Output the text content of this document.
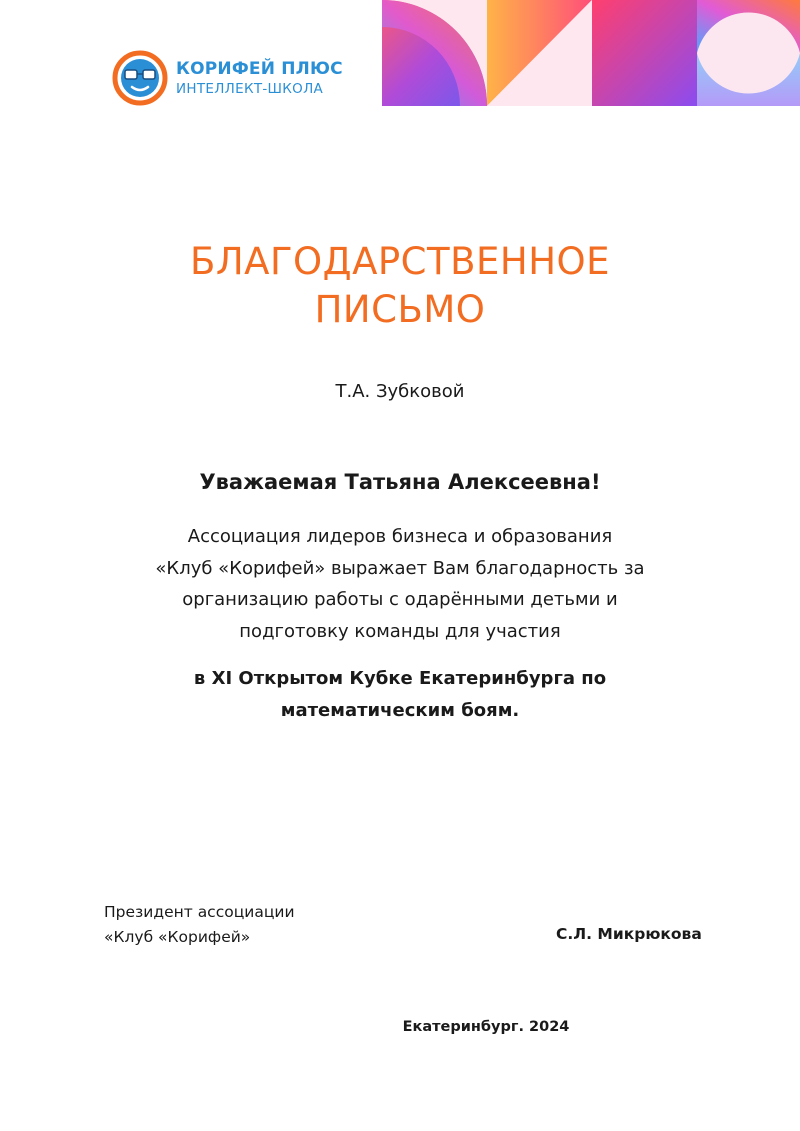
КОРИФЕЙ ПЛЮС
ИНТЕЛЛЕКТ-ШКОЛА
БЛАГОДАРСТВЕННОЕ
ПИСЬМО
Т.А. Зубковой
Уважаемая Татьяна Алексеевна!
Ассоциация лидеров бизнеса и образования
«Клуб «Корифей» выражает Вам благодарность за
организацию работы с одарёнными детьми и
подготовку команды для участия
в XI Открытом Кубке Екатеринбурга по
математическим боям.
Президент ассоциации
«Клуб «Корифей»	С.Л. Микрюкова
Екатеринбург. 2024
